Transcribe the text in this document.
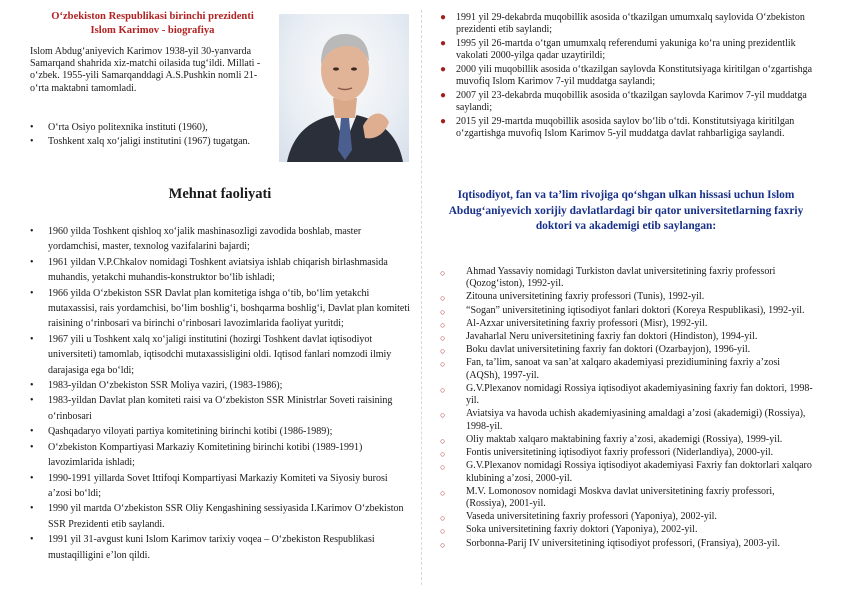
O‘zbekiston Respublikasi birinchi prezidenti
Islom Karimov - biografiya
Islom Abdug‘aniyevich Karimov 1938-yil 30-yanvarda Samarqand shahrida xiz-matchi oilasida tug‘ildi. Millati - o‘zbek. 1955-yili Samarqanddagi A.S.Pushkin nomli 21-o‘rta maktabni tamomladi.
• O‘rta Osiyo politexnika instituti (1960),
• Toshkent xalq xo‘jaligi institutini (1967) tugatgan.
Mehnat faoliyati
• 1960 yilda Toshkent qishloq xo‘jalik mashinasozligi zavodida boshlab, master yordamchisi, master, texnolog vazifalarini bajardi;
• 1961 yildan V.P.Chkalov nomidagi Toshkent aviatsiya ishlab chiqarish birlashmasida muhandis, yetakchi muhandis-konstruktor bo‘lib ishladi;
• 1966 yilda O‘zbekiston SSR Davlat plan komitetiga ishga o‘tib, bo‘lim yetakchi mutaxassisi, rais yordamchisi, bo‘lim boshlig‘i, boshqarma boshlig‘i, Davlat plan komiteti raisining o‘rinbosari va birinchi o‘rinbosari lavozimlarida faoliyat yuritdi;
• 1967 yili u Toshkent xalq xo‘jaligi institutini (hozirgi Toshkent davlat iqtisodiyot universiteti) tamomlab, iqtisodchi mutaxassisligini oldi. Iqtisod fanlari nomzodi ilmiy darajasiga ega bo‘ldi;
• 1983-yildan O‘zbekiston SSR Moliya vaziri, (1983-1986);
• 1983-yildan Davlat plan komiteti raisi va O‘zbekiston SSR Ministrlar Soveti raisining o‘rinbosari
• Qashqadaryo viloyati partiya komitetining birinchi kotibi (1986-1989);
• O‘zbekiston Kompartiyasi Markaziy Komitetining birinchi kotibi (1989-1991) lavozimlarida ishladi;
• 1990-1991 yillarda Sovet Ittifoqi Kompartiyasi Markaziy Komiteti va Siyosiy burosi a’zosi bo‘ldi;
• 1990 yil martda O‘zbekiston SSR Oliy Kengashining sessiyasida I.Karimov O‘zbekiston SSR Prezidenti etib saylandi.
• 1991 yil 31-avgust kuni Islom Karimov tarixiy voqea – O‘zbekiston Respublikasi mustaqilligini e’lon qildi.
● 1991 yil 29-dekabrda muqobillik asosida o‘tkazilgan umumxalq saylovida O‘zbekiston prezidenti etib saylandi;
● 1995 yil 26-martda o‘tgan umumxalq referendumi yakuniga ko‘ra uning prezidentlik vakolati 2000-yilga qadar uzaytirildi;
● 2000 yili muqobillik asosida o‘tkazilgan saylovda Konstitutsiyaga kiritilgan o‘zgartishga muvofiq Islom Karimov 7-yil muddatga saylandi;
● 2007 yil 23-dekabrda muqobillik asosida o‘tkazilgan saylovda Karimov 7-yil muddatga saylandi;
● 2015 yil 29-martda muqobillik asosida saylov bo‘lib o‘tdi. Konstitutsiyaga kiritilgan o‘zgartishga muvofiq Islom Karimov 5-yil muddatga davlat rahbarligiga saylandi.
Iqtisodiyot, fan va ta’lim rivojiga qo‘shgan ulkan hissasi uchun Islom Abdug‘aniyevich xorijiy davlatlardagi bir qator universitetlarning faxriy doktori va akademigi etib saylangan:
○ Ahmad Yassaviy nomidagi Turkiston davlat universitetining faxriy professori (Qozog‘iston), 1992-yil.
○ Zitouna universitetining faxriy professori (Tunis), 1992-yil.
○ “Sogan” universitetining iqtisodiyot fanlari doktori (Koreya Respublikasi), 1992-yil.
○ Al-Azxar universitetining faxriy professori (Misr), 1992-yil.
○ Javaharlal Neru universitetining faxriy fan doktori (Hindiston), 1994-yil.
○ Boku davlat universitetining faxriy fan doktori (Ozarbayjon), 1996-yil.
○ Fan, ta’lim, sanoat va san’at xalqaro akademiyasi prezidiumining faxriy a’zosi (AQSh), 1997-yil.
○ G.V.Plexanov nomidagi Rossiya iqtisodiyot akademiyasining faxriy fan doktori, 1998-yil.
○ Aviatsiya va havoda uchish akademiyasining amaldagi a’zosi (akademigi) (Rossiya), 1998-yil.
○ Oliy maktab xalqaro maktabining faxriy a’zosi, akademigi (Rossiya), 1999-yil.
○ Fontis universitetining iqtisodiyot faxriy professori (Niderlandiya), 2000-yil.
○ G.V.Plexanov nomidagi Rossiya iqtisodiyot akademiyasi Faxriy fan doktorlari xalqaro klubining a’zosi, 2000-yil.
○ M.V. Lomonosov nomidagi Moskva davlat universitetining faxriy professori, (Rossiya), 2001-yil.
○ Vaseda universitetining faxriy professori (Yaponiya), 2002-yil.
○ Soka universitetining faxriy doktori (Yaponiya), 2002-yil.
○ Sorbonna-Parij IV universitetining iqtisodiyot professori, (Fransiya), 2003-yil.
